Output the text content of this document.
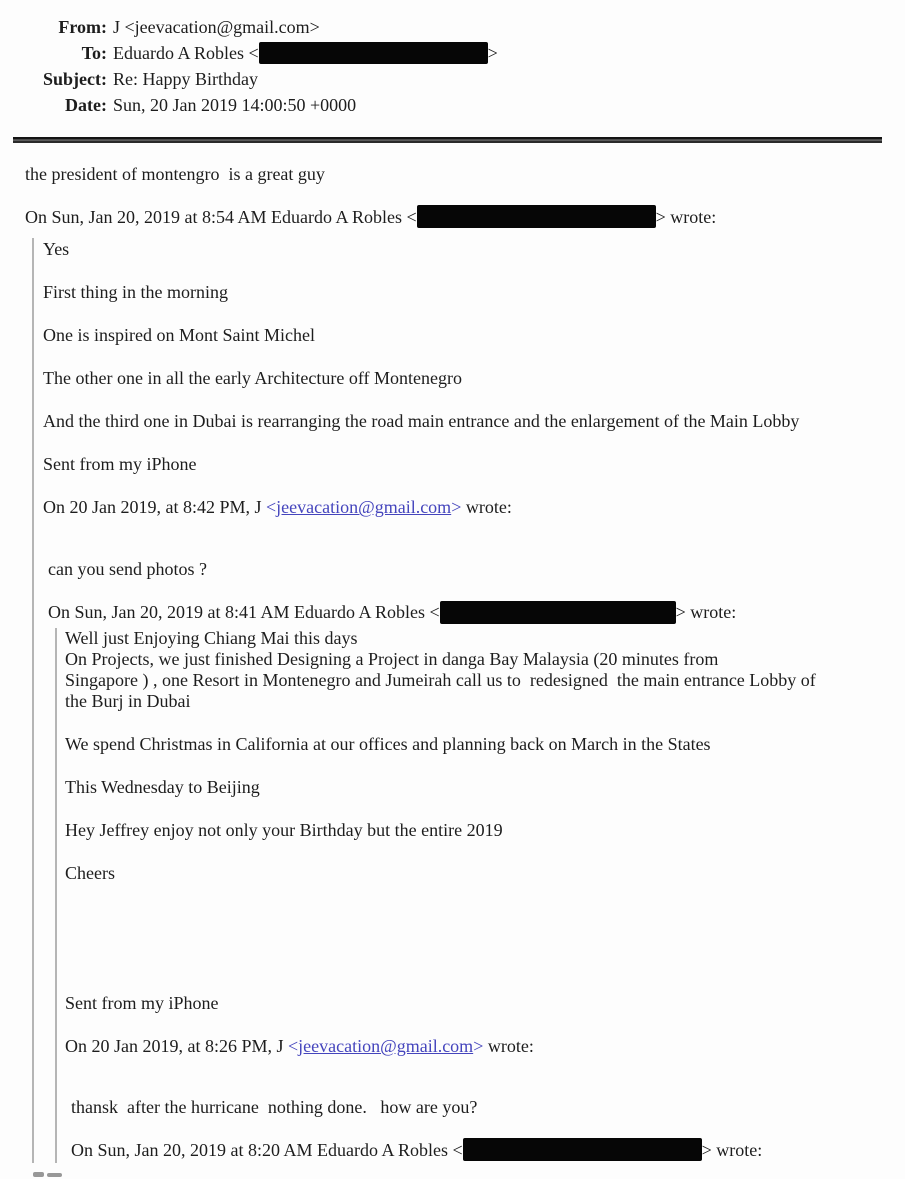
From: J <jeevacation@gmail.com>
To: Eduardo A Robles <	>
Subject: Re: Happy Birthday
Date: Sun, 20 Jan 2019 14:00:50 +0000

the president of montengro  is a great guy

On Sun, Jan 20, 2019 at 8:54 AM Eduardo A Robles <	> wrote:

Yes

First thing in the morning

One is inspired on Mont Saint Michel

The other one in all the early Architecture off Montenegro

And the third one in Dubai is rearranging the road main entrance and the enlargement of the Main Lobby

Sent from my iPhone

On 20 Jan 2019, at 8:42 PM, J <jeevacation@gmail.com> wrote:

can you send photos ?

On Sun, Jan 20, 2019 at 8:41 AM Eduardo A Robles <	> wrote:

Well just Enjoying Chiang Mai this days
On Projects, we just finished Designing a Project in danga Bay Malaysia (20 minutes from
Singapore ) , one Resort in Montenegro and Jumeirah call us to  redesigned  the main entrance Lobby of
the Burj in Dubai

We spend Christmas in California at our offices and planning back on March in the States

This Wednesday to Beijing

Hey Jeffrey enjoy not only your Birthday but the entire 2019

Cheers

Sent from my iPhone

On 20 Jan 2019, at 8:26 PM, J <jeevacation@gmail.com> wrote:

thansk  after the hurricane  nothing done.   how are you?

On Sun, Jan 20, 2019 at 8:20 AM Eduardo A Robles <	> wrote:
